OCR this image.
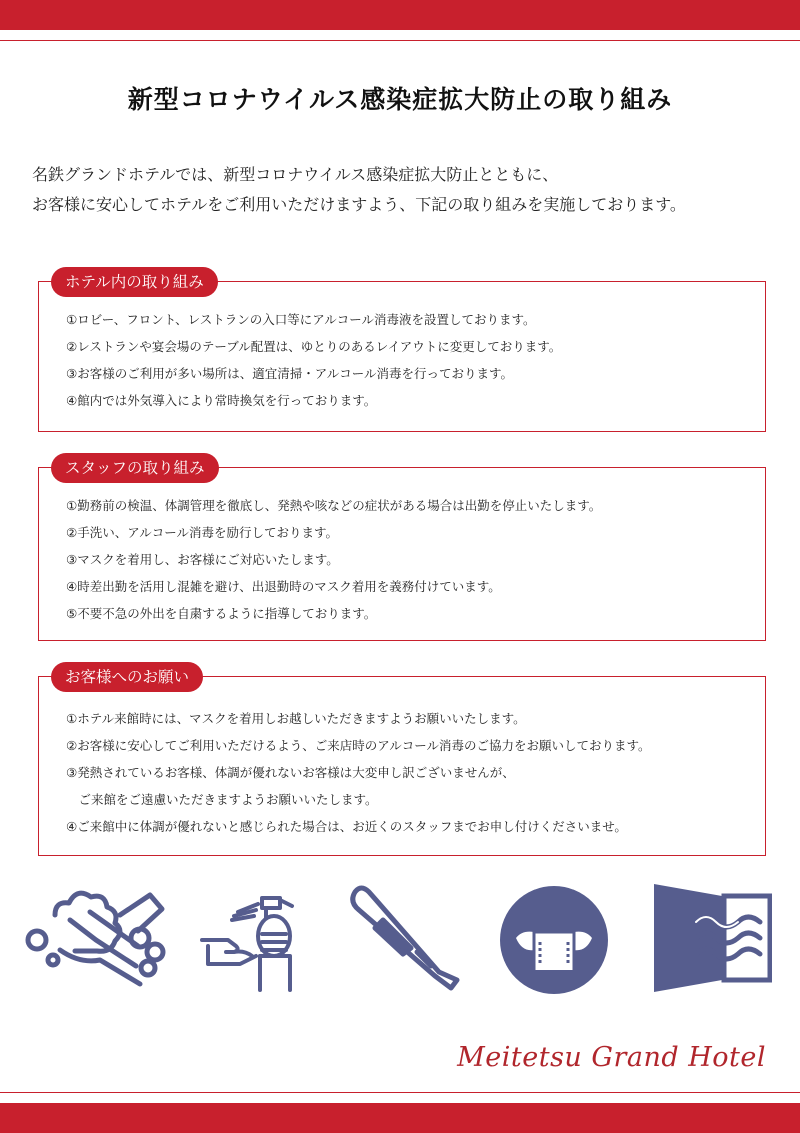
新型コロナウイルス感染症拡大防止の取り組み
名鉄グランドホテルでは、新型コロナウイルス感染症拡大防止とともに、
お客様に安心してホテルをご利用いただけますよう、下記の取り組みを実施しております。
ホテル内の取り組み
①ロビー、フロント、レストランの入口等にアルコール消毒液を設置しております。
②レストランや宴会場のテーブル配置は、ゆとりのあるレイアウトに変更しております。
③お客様のご利用が多い場所は、適宜清掃・アルコール消毒を行っております。
④館内では外気導入により常時換気を行っております。
スタッフの取り組み
①勤務前の検温、体調管理を徹底し、発熱や咳などの症状がある場合は出勤を停止いたします。
②手洗い、アルコール消毒を励行しております。
③マスクを着用し、お客様にご対応いたします。
④時差出勤を活用し混雑を避け、出退勤時のマスク着用を義務付けています。
⑤不要不急の外出を自粛するように指導しております。
お客様へのお願い
①ホテル来館時には、マスクを着用しお越しいただきますようお願いいたします。
②お客様に安心してご利用いただけるよう、ご来店時のアルコール消毒のご協力をお願いしております。
③発熱されているお客様、体調が優れないお客様は大変申し訳ございませんが、
　ご来館をご遠慮いただきますようお願いいたします。
④ご来館中に体調が優れないと感じられた場合は、お近くのスタッフまでお申し付けくださいませ。
Meitetsu Grand Hotel
